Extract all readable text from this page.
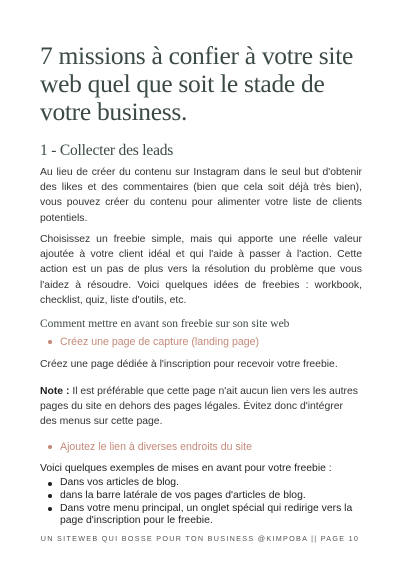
7 missions à confier à votre site web quel que soit le stade de votre business.
1 - Collecter des leads

Au lieu de créer du contenu sur Instagram dans le seul but d'obtenir des likes et des commentaires (bien que cela soit déjà très bien), vous pouvez créer du contenu pour alimenter votre liste de clients potentiels.

Choisissez un freebie simple, mais qui apporte une réelle valeur ajoutée à votre client idéal et qui l'aide à passer à l'action. Cette action est un pas de plus vers la résolution du problème que vous l'aidez à résoudre. Voici quelques idées de freebies : workbook, checklist, quiz, liste d'outils, etc.

Comment mettre en avant son freebie sur son site web
Créez une page de capture (landing page)

Créez une page dédiée à l'inscription pour recevoir votre freebie.

Note : Il est préférable que cette page n'ait aucun lien vers les autres pages du site en dehors des pages légales. Évitez donc d'intégrer des menus sur cette page.

Ajoutez le lien à diverses endroits du site

Voici quelques exemples de mises en avant pour votre freebie :

Dans vos articles de blog.
dans la barre latérale de vos pages d'articles de blog.
Dans votre menu principal, un onglet spécial qui redirige vers la page d'inscription pour le freebie.
UN SITEWEB QUI BOSSE POUR TON BUSINESS @KIMPOBA || PAGE 10
